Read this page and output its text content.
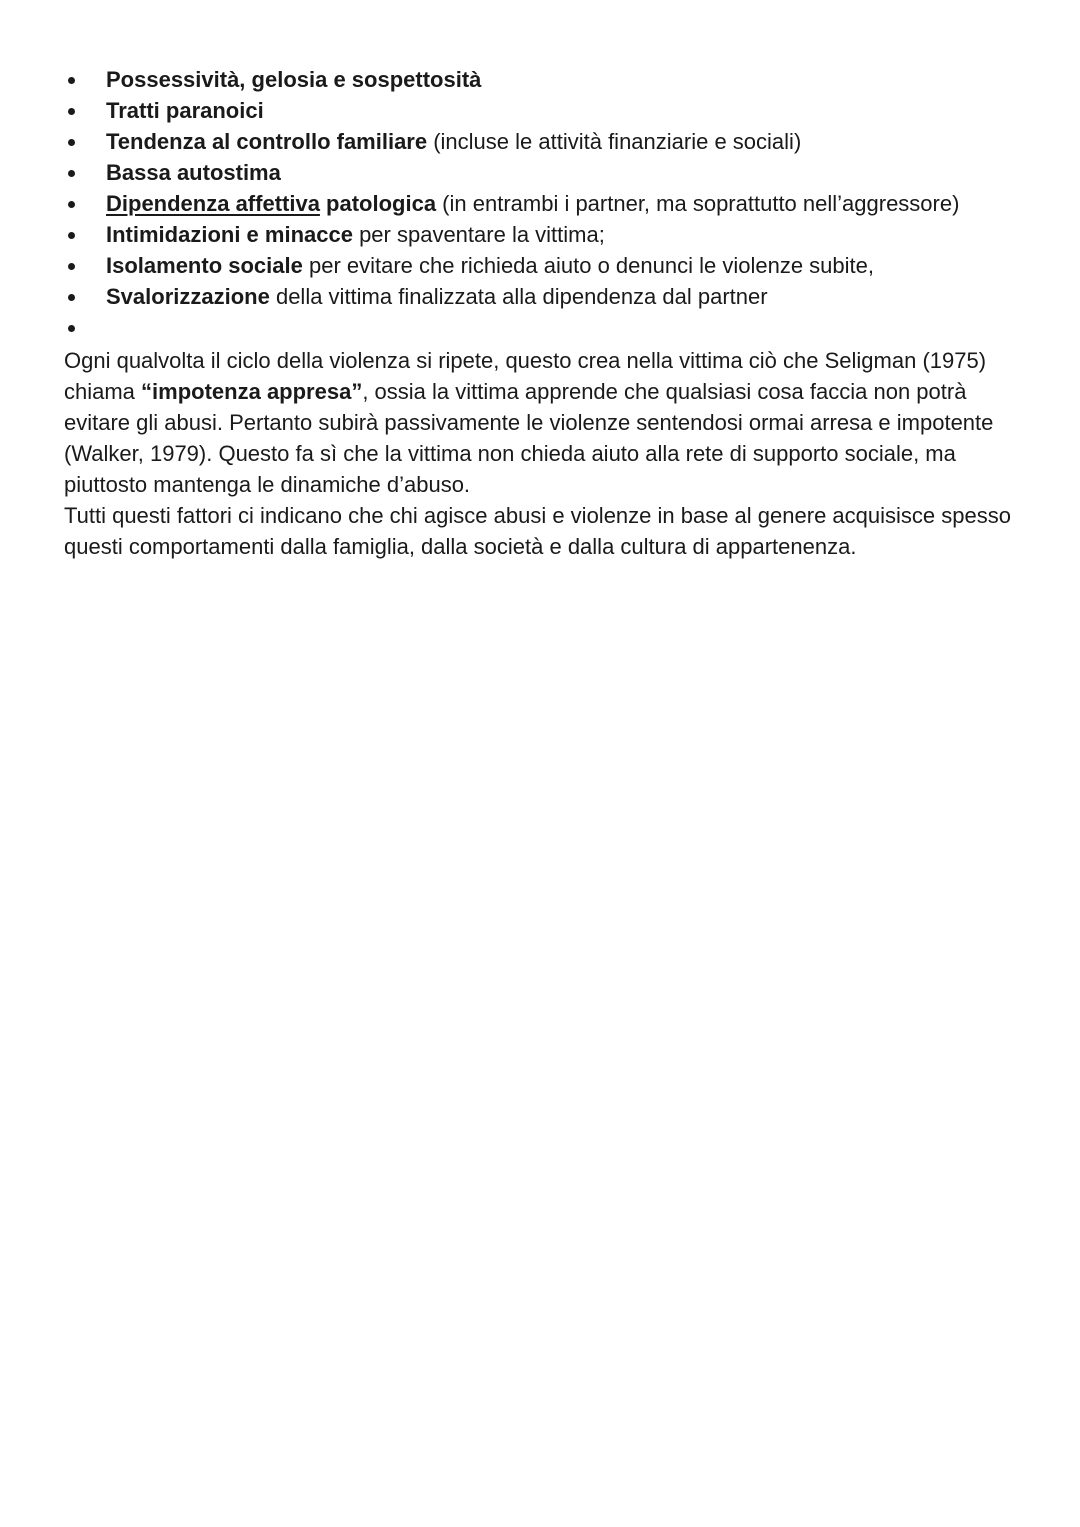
Possessività, gelosia e sospettosità
Tratti paranoici
Tendenza al controllo familiare (incluse le attività finanziarie e sociali)
Bassa autostima
Dipendenza affettiva patologica (in entrambi i partner, ma soprattutto nell’aggressore)
Intimidazioni e minacce per spaventare la vittima;
Isolamento sociale per evitare che richieda aiuto o denunci le violenze subite,
Svalorizzazione della vittima finalizzata alla dipendenza dal partner

Ogni qualvolta il ciclo della violenza si ripete, questo crea nella vittima ciò che Seligman (1975) chiama “impotenza appresa”, ossia la vittima apprende che qualsiasi cosa faccia non potrà evitare gli abusi. Pertanto subirà passivamente le violenze sentendosi ormai arresa e impotente (Walker, 1979). Questo fa sì che la vittima non chieda aiuto alla rete di supporto sociale, ma piuttosto mantenga le dinamiche d’abuso.

Tutti questi fattori ci indicano che chi agisce abusi e violenze in base al genere acquisisce spesso questi comportamenti dalla famiglia, dalla società e dalla cultura di appartenenza.
